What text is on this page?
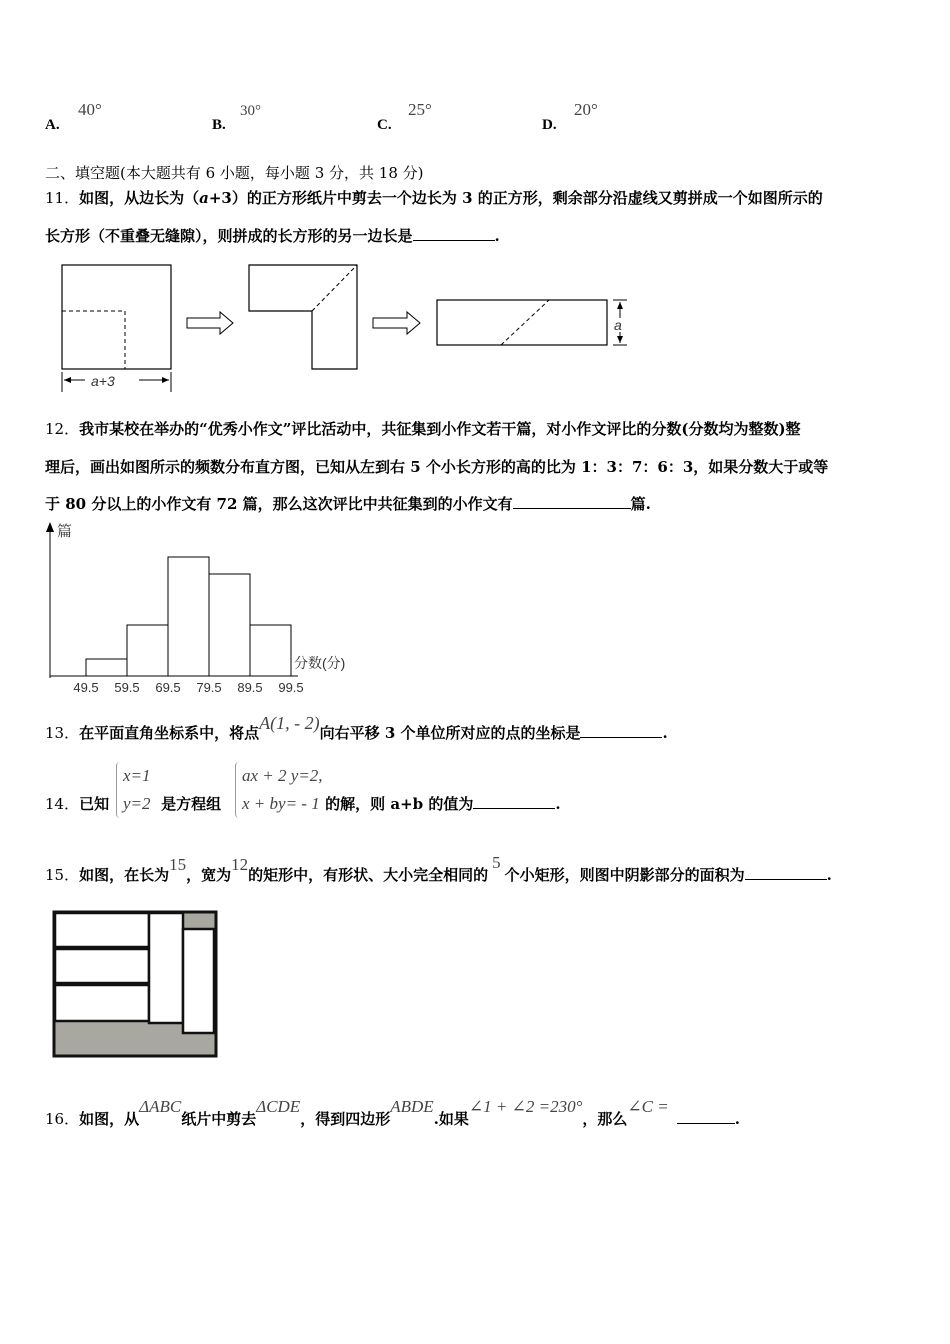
A.
40°
B.
30°
C.
25°
D.
20°
二、填空题(本大题共有 6 小题，每小题 3 分，共 18 分)
11．如图，从边长为（a+3）的正方形纸片中剪去一个边长为 3 的正方形，剩余部分沿虚线又剪拼成一个如图所示的
长方形（不重叠无缝隙），则拼成的长方形的另一边长是	.
a+3
a
12．我市某校在举办的“优秀小作文”评比活动中，共征集到小作文若干篇，对小作文评比的分数(分数均为整数)整
理后，画出如图所示的频数分布直方图，已知从左到右 5 个小长方形的高的比为 1：3：7：6：3，如果分数大于或等
于 80 分以上的小作文有 72 篇，那么这次评比中共征集到的小作文有	篇.
篇
分数(分)
49.5 59.5 69.5 79.5 89.5 99.5
13．在平面直角坐标系中，将点A(1, - 2)向右平移 3 个单位所对应的点的坐标是	.
14．已知	是方程组	的解，则 a+b 的值为	.
x=1
y=2
ax + 2 y=2,
x + by= - 1
15．如图，在长为15，宽为12的矩形中，有形状、大小完全相同的5个小矩形，则图中阴影部分的面积为	.
16．如图，从ΔABC纸片中剪去ΔCDE，得到四边形ABDE.如果∠1 + ∠2 =230°，那么∠C =.
